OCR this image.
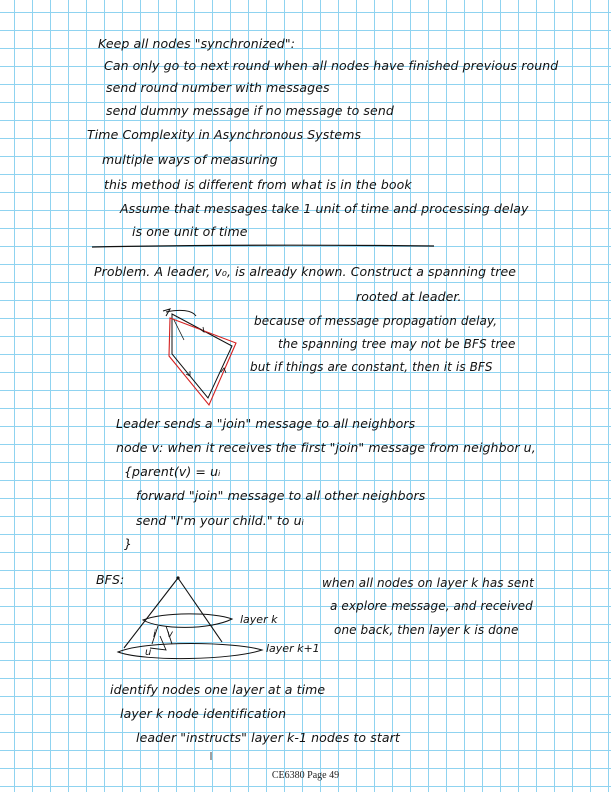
Keep all nodes "synchronized":
Can only go to next round when all nodes have finished previous round
send round number with messages
send dummy message if no message to send
Time Complexity in Asynchronous Systems
multiple ways of measuring
this method is different from what is in the book
Assume that messages take 1 unit of time and processing delay
is one unit of time
Problem. A leader, v₀, is already known. Construct a spanning tree
rooted at leader.
because of message propagation delay,
the spanning tree may not be BFS tree
but if things are constant, then it is BFS
Leader sends a "join" message to all neighbors
node v: when it receives the first "join" message from neighbor u,
{parent(v) = uᵢ
forward "join" message to all other neighbors
send "I'm your child." to uᵢ
}
BFS:	when all nodes on layer k has sent
a explore message, and received
one back, then layer k is done
identify nodes one layer at a time
layer k node identification
leader "instructs" layer k-1 nodes to start
i v
u
layer k
layer k+1
CE6380 Page 49
